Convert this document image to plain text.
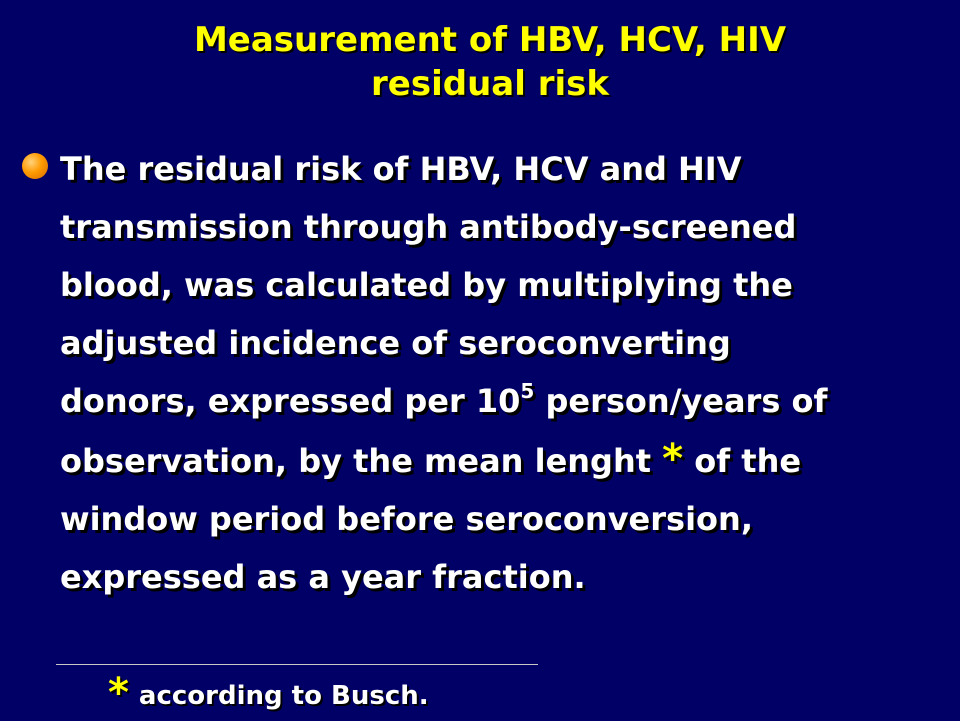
Measurement of HBV, HCV, HIV
residual risk
The residual risk of HBV, HCV and HIV
transmission through antibody-screened
blood, was calculated by multiplying the
adjusted incidence of seroconverting
donors, expressed per $10^5$ person/years of
observation, by the mean lenght * of the
window period before seroconversion,
expressed as a year fraction.
* according to Busch.
